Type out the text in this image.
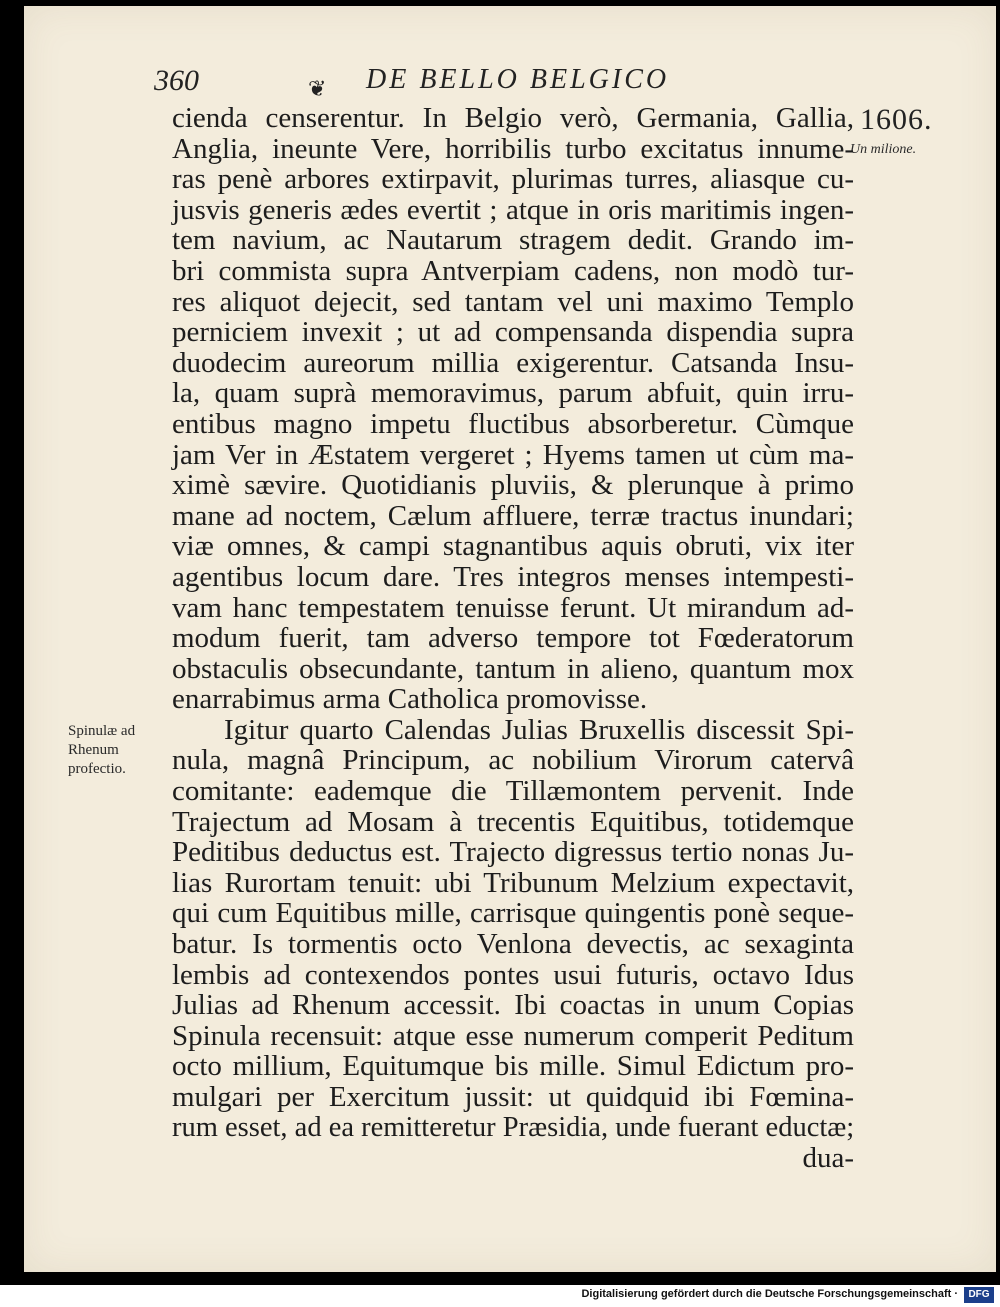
360	❦ DE BELLO BELGICO
1606.
Un milione.
Spinulæ ad Rhenum profectio.
cienda censerentur. In Belgio verò, Germania, Gallia,
Anglia, ineunte Vere, horribilis turbo excitatus innume-
ras penè arbores extirpavit, plurimas turres, aliasque cu-
jusvis generis ædes evertit ; atque in oris maritimis ingen-
tem navium, ac Nautarum stragem dedit. Grando im-
bri commista supra Antverpiam cadens, non modò tur-
res aliquot dejecit, sed tantam vel uni maximo Templo
perniciem invexit ; ut ad compensanda dispendia supra
duodecim aureorum millia exigerentur. Catsanda Insu-
la, quam suprà memoravimus, parum abfuit, quin irru-
entibus magno impetu fluctibus absorberetur. Cùmque
jam Ver in Æstatem vergeret ; Hyems tamen ut cùm ma-
ximè sævire. Quotidianis pluviis, & plerunque à primo
mane ad noctem, Cælum affluere, terræ tractus inundari;
viæ omnes, & campi stagnantibus aquis obruti, vix iter
agentibus locum dare. Tres integros menses intempesti-
vam hanc tempestatem tenuisse ferunt. Ut mirandum ad-
modum fuerit, tam adverso tempore tot Fœderatorum
obstaculis obsecundante, tantum in alieno, quantum mox
enarrabimus arma Catholica promovisse.
Igitur quarto Calendas Julias Bruxellis discessit Spi-
nula, magnâ Principum, ac nobilium Virorum catervâ
comitante: eademque die Tillæmontem pervenit. Inde
Trajectum ad Mosam à trecentis Equitibus, totidemque
Peditibus deductus est. Trajecto digressus tertio nonas Ju-
lias Rurortam tenuit: ubi Tribunum Melzium expectavit,
qui cum Equitibus mille, carrisque quingentis ponè seque-
batur. Is tormentis octo Venlona devectis, ac sexaginta
lembis ad contexendos pontes usui futuris, octavo Idus
Julias ad Rhenum accessit. Ibi coactas in unum Copias
Spinula recensuit: atque esse numerum comperit Peditum
octo millium, Equitumque bis mille. Simul Edictum pro-
mulgari per Exercitum jussit: ut quidquid ibi Fœmina-
rum esset, ad ea remitteretur Præsidia, unde fuerant eductæ;
dua-
Digitalisierung gefördert durch die Deutsche Forschungsgemeinschaft ·	DFG
